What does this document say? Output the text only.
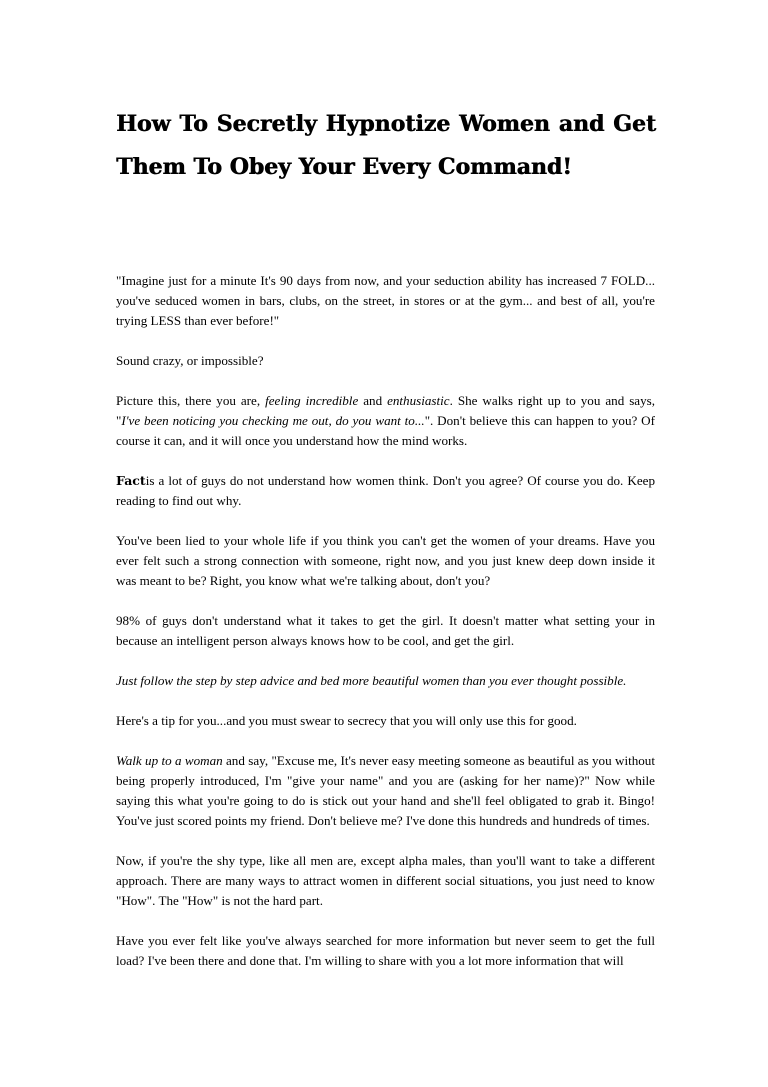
How To Secretly Hypnotize Women and Get Them To Obey Your Every Command!

"Imagine just for a minute It's 90 days from now, and your seduction ability has increased 7 FOLD... you've seduced women in bars, clubs, on the street, in stores or at the gym... and best of all, you're trying LESS than ever before!"

Sound crazy, or impossible?

Picture this, there you are, feeling incredible and enthusiastic. She walks right up to you and says, "I've been noticing you checking me out, do you want to...". Don't believe this can happen to you? Of course it can, and it will once you understand how the mind works.

Factis a lot of guys do not understand how women think. Don't you agree? Of course you do. Keep reading to find out why.

You've been lied to your whole life if you think you can't get the women of your dreams. Have you ever felt such a strong connection with someone, right now, and you just knew deep down inside it was meant to be? Right, you know what we're talking about, don't you?

98% of guys don't understand what it takes to get the girl. It doesn't matter what setting your in because an intelligent person always knows how to be cool, and get the girl.

Just follow the step by step advice and bed more beautiful women than you ever thought possible.

Here's a tip for you...and you must swear to secrecy that you will only use this for good.

Walk up to a woman and say, "Excuse me, It's never easy meeting someone as beautiful as you without being properly introduced, I'm "give your name" and you are (asking for her name)?" Now while saying this what you're going to do is stick out your hand and she'll feel obligated to grab it. Bingo! You've just scored points my friend. Don't believe me? I've done this hundreds and hundreds of times.

Now, if you're the shy type, like all men are, except alpha males, than you'll want to take a different approach. There are many ways to attract women in different social situations, you just need to know "How". The "How" is not the hard part.

Have you ever felt like you've always searched for more information but never seem to get the full load? I've been there and done that. I'm willing to share with you a lot more information that will
